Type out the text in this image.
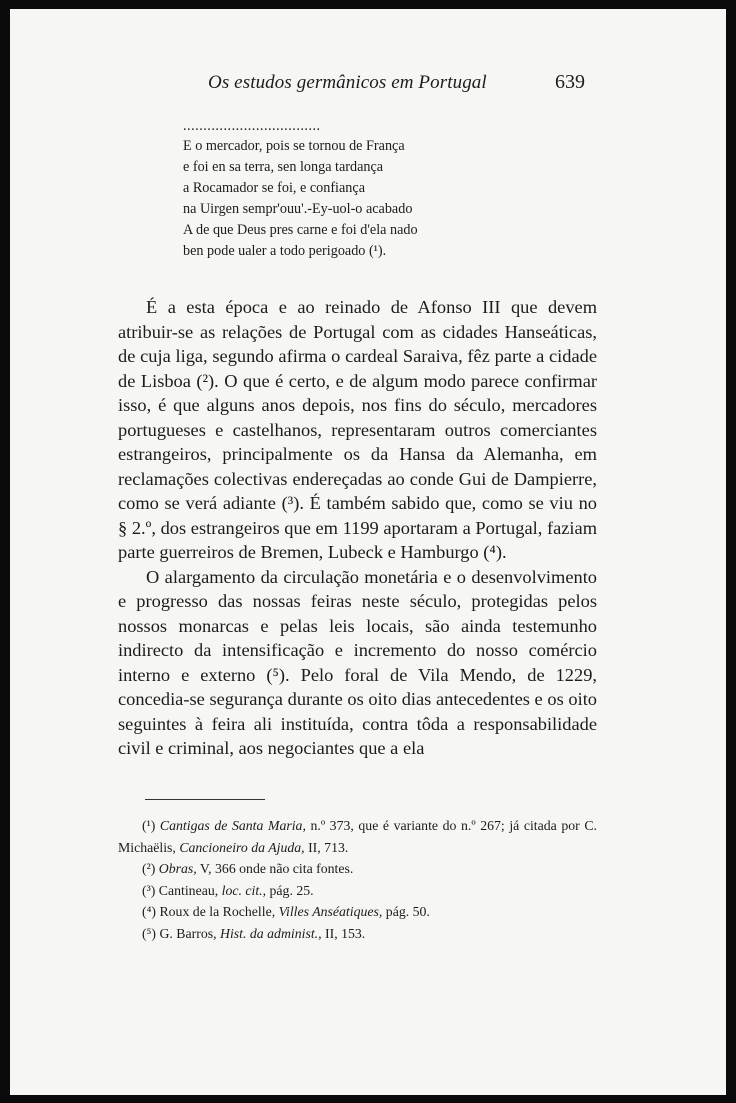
Os estudos germânicos em Portugal	639
..................................
E o mercador, pois se tornou de França
e foi en sa terra, sen longa tardança
a Rocamador se foi, e confiança
na Uirgen sempr'ouu'.-Ey-uol-o acabado
A de que Deus pres carne e foi d'ela nado
ben pode ualer a todo perigoado (¹).

É a esta época e ao reinado de Afonso III que devem atribuir-se as relações de Portugal com as cidades Hanseáticas, de cuja liga, segundo afirma o cardeal Saraiva, fêz parte a cidade de Lisboa (²). O que é certo, e de algum modo parece confirmar isso, é que alguns anos depois, nos fins do século, mercadores portugueses e castelhanos, representaram outros comerciantes estrangeiros, principalmente os da Hansa da Alemanha, em reclamações colectivas endereçadas ao conde Gui de Dampierre, como se verá adiante (³). É também sabido que, como se viu no § 2.º, dos estrangeiros que em 1199 aportaram a Portugal, faziam parte guerreiros de Bremen, Lubeck e Hamburgo (⁴).

O alargamento da circulação monetária e o desenvolvimento e progresso das nossas feiras neste século, protegidas pelos nossos monarcas e pelas leis locais, são ainda testemunho indirecto da intensificação e incremento do nosso comércio interno e externo (⁵). Pelo foral de Vila Mendo, de 1229, concedia-se segurança durante os oito dias antecedentes e os oito seguintes à feira ali instituída, contra tôda a responsabilidade civil e criminal, aos negociantes que a ela

(¹) Cantigas de Santa Maria, n.º 373, que é variante do n.º 267; já citada por C. Michaëlis, Cancioneiro da Ajuda, II, 713.

(²) Obras, V, 366 onde não cita fontes.

(³) Cantineau, loc. cit., pág. 25.

(⁴) Roux de la Rochelle, Villes Anséatiques, pág. 50.

(⁵) G. Barros, Hist. da administ., II, 153.
